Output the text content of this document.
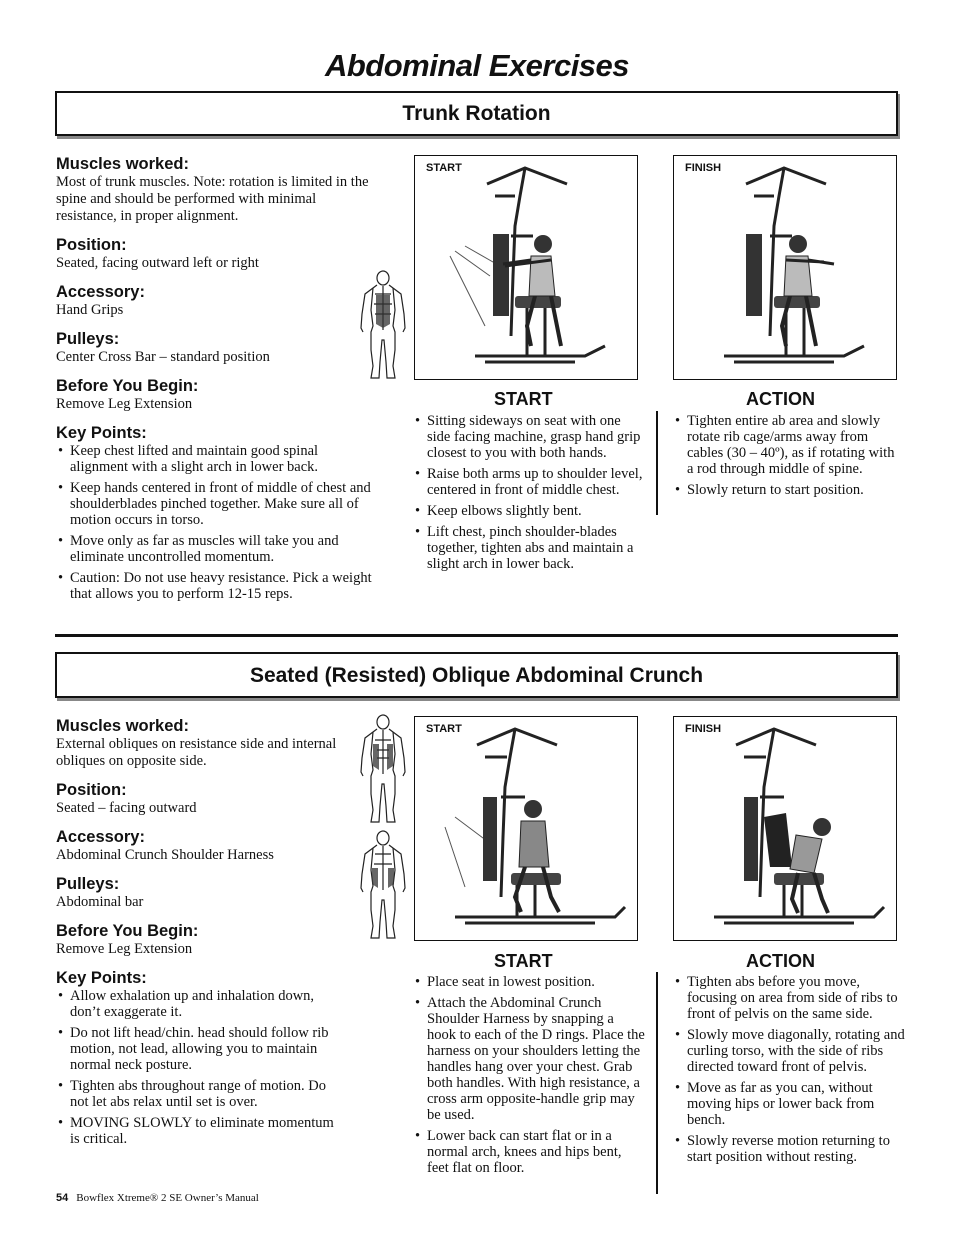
Abdominal Exercises
Trunk Rotation
Muscles worked:
Most of trunk muscles. Note: rotation is limited in the spine and should be performed with minimal resistance, in proper alignment.
Position:
Seated, facing outward left or right
Accessory:
Hand Grips
Pulleys:
Center Cross Bar – standard position
Before You Begin:
Remove Leg Extension
Key Points:
• Keep chest lifted and maintain good spinal alignment with a slight arch in lower back.
• Keep hands centered in front of middle of chest and shoulderblades pinched together. Make sure all of motion occurs in torso.
• Move only as far as muscles will take you and eliminate uncontrolled momentum.
• Caution: Do not use heavy resistance. Pick a weight that allows you to perform 12-15 reps.
START	FINISH
START
• Sitting sideways on seat with one side facing machine, grasp hand grip closest to you with both hands.
• Raise both arms up to shoulder level, centered in front of middle chest.
• Keep elbows slightly bent.
• Lift chest, pinch shoulder-blades together, tighten abs and maintain a slight arch in lower back.
ACTION
• Tighten entire ab area and slowly rotate rib cage/arms away from cables (30 – 40º), as if rotating with a rod through middle of spine.
• Slowly return to start position.
Seated (Resisted) Oblique Abdominal Crunch
Muscles worked:
External obliques on resistance side and internal obliques on opposite side.
Position:
Seated – facing outward
Accessory:
Abdominal Crunch Shoulder Harness
Pulleys:
Abdominal bar
Before You Begin:
Remove Leg Extension
Key Points:
• Allow exhalation up and inhalation down, don’t exaggerate it.
• Do not lift head/chin. head should follow rib motion, not lead, allowing you to maintain normal neck posture.
• Tighten abs throughout range of motion. Do not let abs relax until set is over.
• MOVING SLOWLY to eliminate momentum is critical.
START	FINISH
START
• Place seat in lowest position.
• Attach the Abdominal Crunch Shoulder Harness by snapping a hook to each of the D rings. Place the harness on your shoulders letting the handles hang over your chest. Grab both handles. With high resistance, a cross arm opposite-handle grip may be used.
• Lower back can start flat or in a normal arch, knees and hips bent, feet flat on floor.
ACTION
• Tighten abs before you move, focusing on area from side of ribs to front of pelvis on the same side.
• Slowly move diagonally, rotating and curling torso, with the side of ribs directed toward front of pelvis.
• Move as far as you can, without moving hips or lower back from bench.
• Slowly reverse motion returning to start position without resting.
54 Bowflex Xtreme® 2 SE Owner’s Manual
